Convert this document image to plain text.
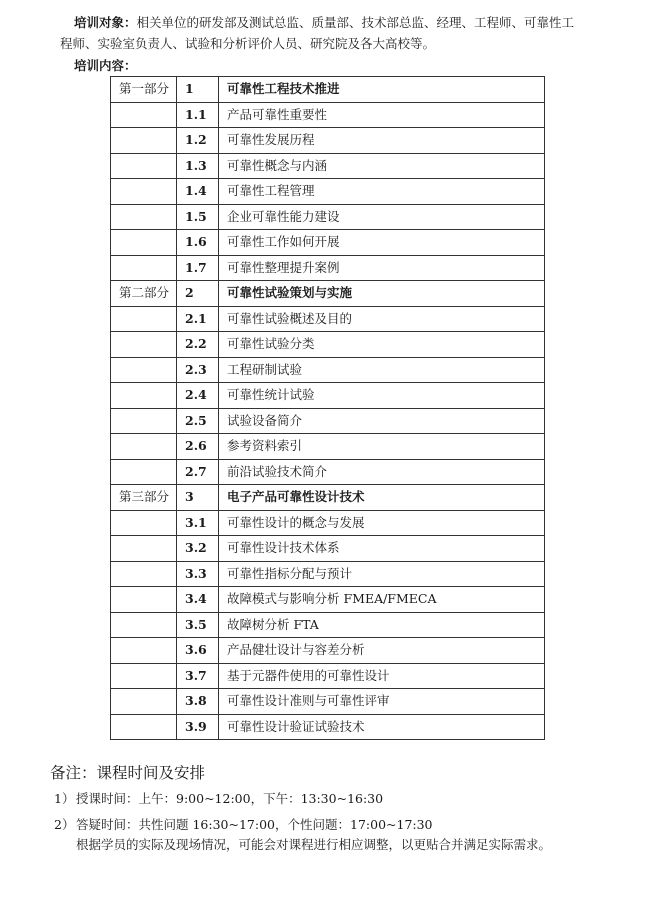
培训对象：相关单位的研发部及测试总监、质量部、技术部总监、经理、工程师、可靠性工
程师、实验室负责人、试验和分析评价人员、研究院及各大高校等。
培训内容：
第一部分	1	可靠性工程技术推进
	1.1	产品可靠性重要性
	1.2	可靠性发展历程
	1.3	可靠性概念与内涵
	1.4	可靠性工程管理
	1.5	企业可靠性能力建设
	1.6	可靠性工作如何开展
	1.7	可靠性整理提升案例
第二部分	2	可靠性试验策划与实施
	2.1	可靠性试验概述及目的
	2.2	可靠性试验分类
	2.3	工程研制试验
	2.4	可靠性统计试验
	2.5	试验设备简介
	2.6	参考资料索引
	2.7	前沿试验技术简介
第三部分	3	电子产品可靠性设计技术
	3.1	可靠性设计的概念与发展
	3.2	可靠性设计技术体系
	3.3	可靠性指标分配与预计
	3.4	故障模式与影响分析 FMEA/FMECA
	3.5	故障树分析 FTA
	3.6	产品健壮设计与容差分析
	3.7	基于元器件使用的可靠性设计
	3.8	可靠性设计准则与可靠性评审
	3.9	可靠性设计验证试验技术
备注：课程时间及安排
1） 授课时间：上午：9:00~12:00，下午：13:30~16:30
2） 答疑时间：共性问题 16:30~17:00，个性问题：17:00~17:30
根据学员的实际及现场情况，可能会对课程进行相应调整，以更贴合并满足实际需求。
